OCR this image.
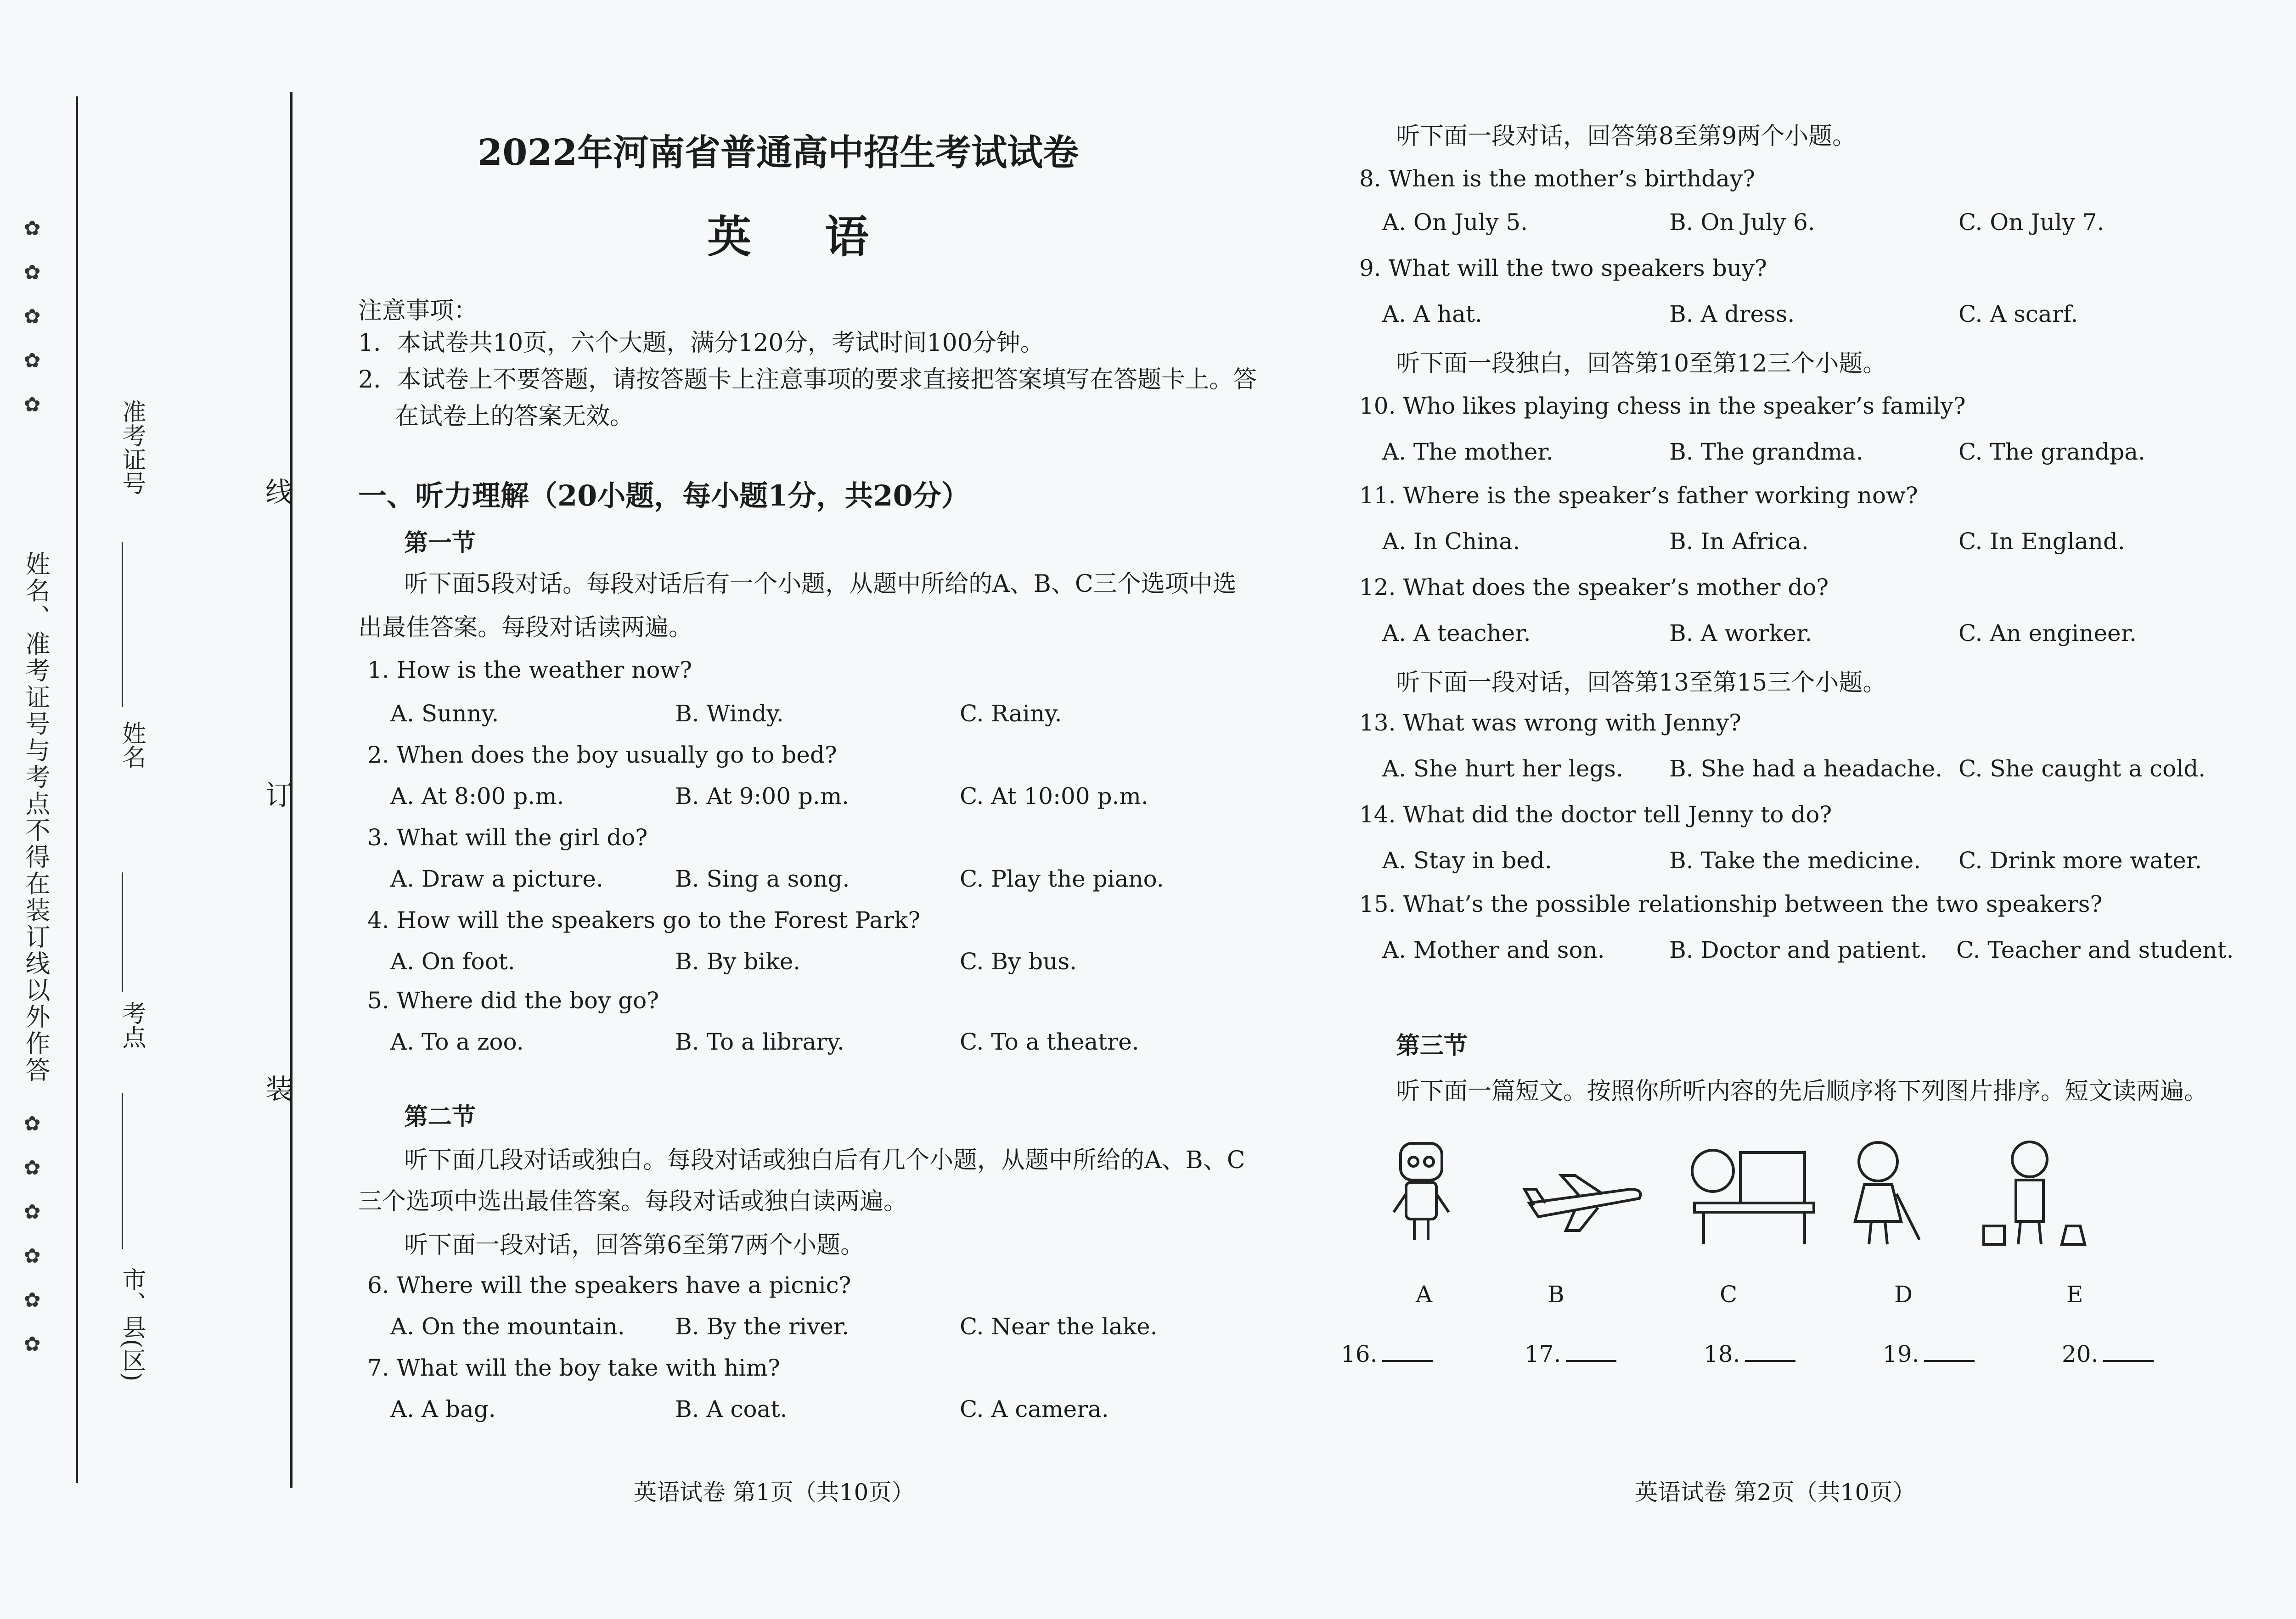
✿
✿
✿
✿
✿
✿
✿
✿
✿
✿
✿
姓名、准考证号与考点不得在装订线以外作答
市、县(区)
考点
姓名
准考证号	线
订
装
2022年河南省普通高中招生考试试卷
英语
注意事项：
1．本试卷共10页，六个大题，满分120分，考试时间100分钟。
2．本试卷上不要答题，请按答题卡上注意事项的要求直接把答案填写在答题卡上。答
在试卷上的答案无效。
一、听力理解（20小题，每小题1分，共20分）
第一节
听下面5段对话。每段对话后有一个小题，从题中所给的A、B、C三个选项中选
出最佳答案。每段对话读两遍。
1. How is the weather now?
A. Sunny.	B. Windy.	C. Rainy.
2. When does the boy usually go to bed?
A. At 8:00 p.m.	B. At 9:00 p.m.	C. At 10:00 p.m.
3. What will the girl do?
A. Draw a picture.	B. Sing a song.	C. Play the piano.
4. How will the speakers go to the Forest Park?
A. On foot.	B. By bike.	C. By bus.
5. Where did the boy go?
A. To a zoo.	B. To a library.	C. To a theatre.
第二节
听下面几段对话或独白。每段对话或独白后有几个小题，从题中所给的A、B、C
三个选项中选出最佳答案。每段对话或独白读两遍。
听下面一段对话，回答第6至第7两个小题。
6. Where will the speakers have a picnic?
A. On the mountain. B. By the river.	C. Near the lake.
7. What will the boy take with him?
A. A bag.	B. A coat.	C. A camera.
英语试卷 第1页（共10页）
听下面一段对话，回答第8至第9两个小题。
8. When is the mother’s birthday?
A. On July 5.	B. On July 6.	C. On July 7.
9. What will the two speakers buy?
A. A hat.	B. A dress.	C. A scarf.
听下面一段独白，回答第10至第12三个小题。
10. Who likes playing chess in the speaker’s family?
A. The mother.	B. The grandma.	C. The grandpa.
11. Where is the speaker’s father working now?
A. In China.	B. In Africa.	C. In England.
12. What does the speaker’s mother do?
A. A teacher.	B. A worker.	C. An engineer.
听下面一段对话，回答第13至第15三个小题。
13. What was wrong with Jenny?
A. She hurt her legs. B. She had a headache. C. She caught a cold.
14. What did the doctor tell Jenny to do?
A. Stay in bed.	B. Take the medicine. C. Drink more water.
15. What’s the possible relationship between the two speakers?
A. Mother and son.	B. Doctor and patient. C. Teacher and student.
第三节
听下面一篇短文。按照你所听内容的先后顺序将下列图片排序。短文读两遍。
A	B	C	D	E
16.	17.	18.	19.	20.
英语试卷 第2页（共10页）
